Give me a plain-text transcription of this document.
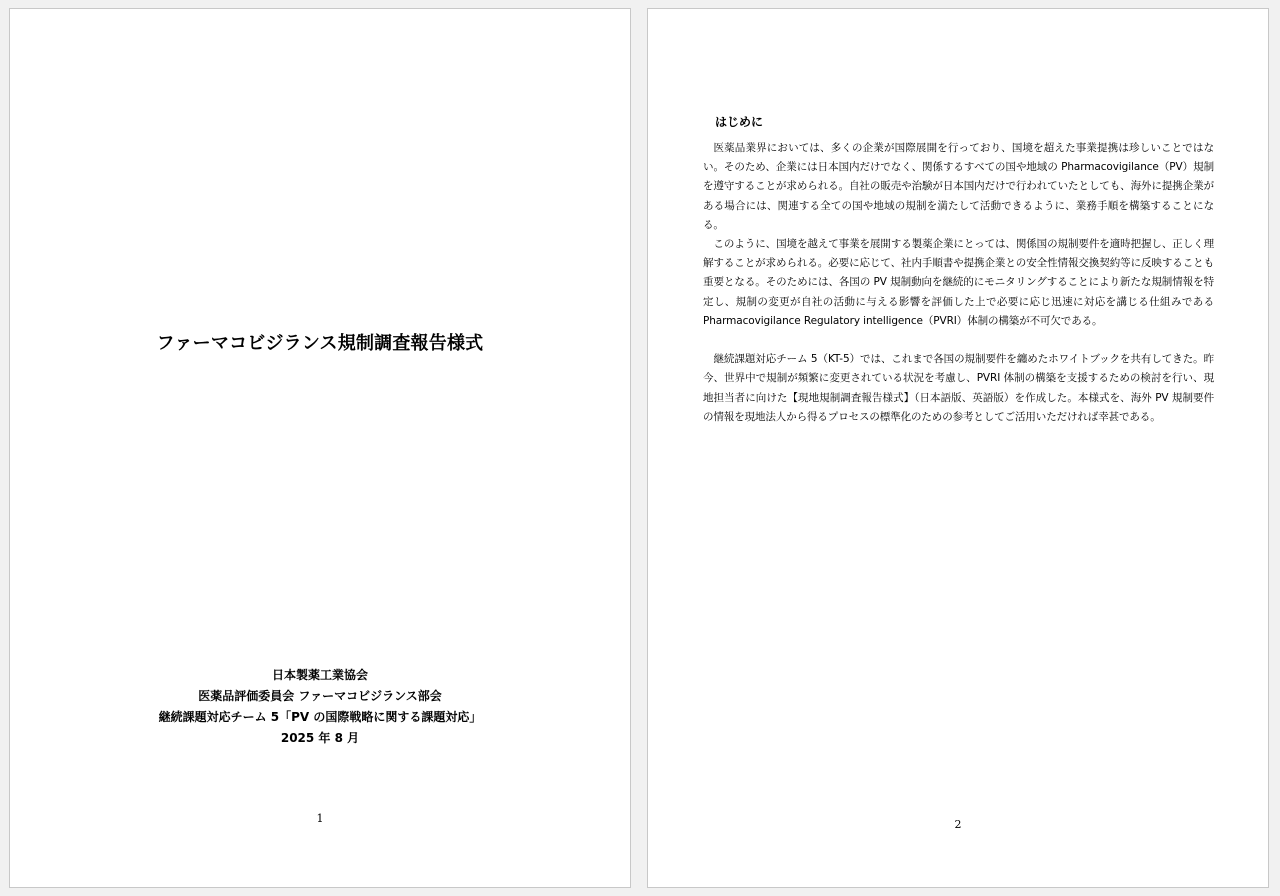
ファーマコビジランス規制調査報告様式
日本製薬工業協会
医薬品評価委員会 ファーマコビジランス部会
継続課題対応チーム 5「PV の国際戦略に関する課題対応」
2025 年 8 月
1
はじめに

医薬品業界においては、多くの企業が国際展開を行っており、国境を超えた事業提携は珍しいことではない。そのため、企業には日本国内だけでなく、関係するすべての国や地域の Pharmacovigilance（PV）規制を遵守することが求められる。自社の販売や治験が日本国内だけで行われていたとしても、海外に提携企業がある場合には、関連する全ての国や地域の規制を満たして活動できるように、業務手順を構築することになる。

このように、国境を越えて事業を展開する製薬企業にとっては、関係国の規制要件を適時把握し、正しく理解することが求められる。必要に応じて、社内手順書や提携企業との安全性情報交換契約等に反映することも重要となる。そのためには、各国の PV 規制動向を継続的にモニタリングすることにより新たな規制情報を特定し、規制の変更が自社の活動に与える影響を評価した上で必要に応じ迅速に対応を講じる仕組みである Pharmacovigilance Regulatory intelligence（PVRI）体制の構築が不可欠である。

継続課題対応チーム 5（KT-5）では、これまで各国の規制要件を纏めたホワイトブックを共有してきた。昨今、世界中で規制が頻繁に変更されている状況を考慮し、PVRI 体制の構築を支援するための検討を行い、現地担当者に向けた【現地規制調査報告様式】（日本語版、英語版）を作成した。本様式を、海外 PV 規制要件の情報を現地法人から得るプロセスの標準化のための参考としてご活用いただければ幸甚である。

2
